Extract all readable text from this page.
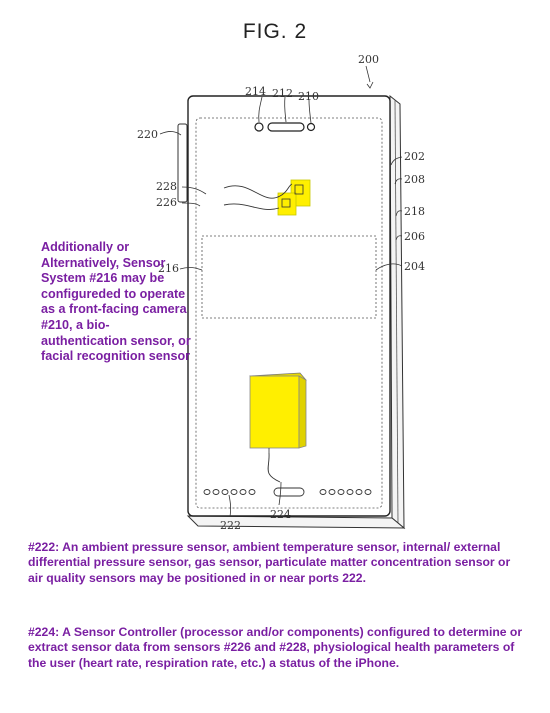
FIG. 2
200
214 212 210
220
202
208
228
226
218
206
216	204
222
224
Additionally or Alternatively, Sensor System #216 may be configureded to operate as a front-facing camera #210, a bio-authentication sensor, or facial recognition sensor
#222: An ambient pressure sensor, ambient temperature sensor, internal/ external differential pressure sensor, gas sensor, particulate matter concentration sensor or air quality sensors may be positioned in or near ports 222.
#224: A Sensor Controller (processor and/or components) configured to determine or extract sensor data from sensors #226 and #228, physiological health parameters of the user (heart rate, respiration rate, etc.) a status of the iPhone.
